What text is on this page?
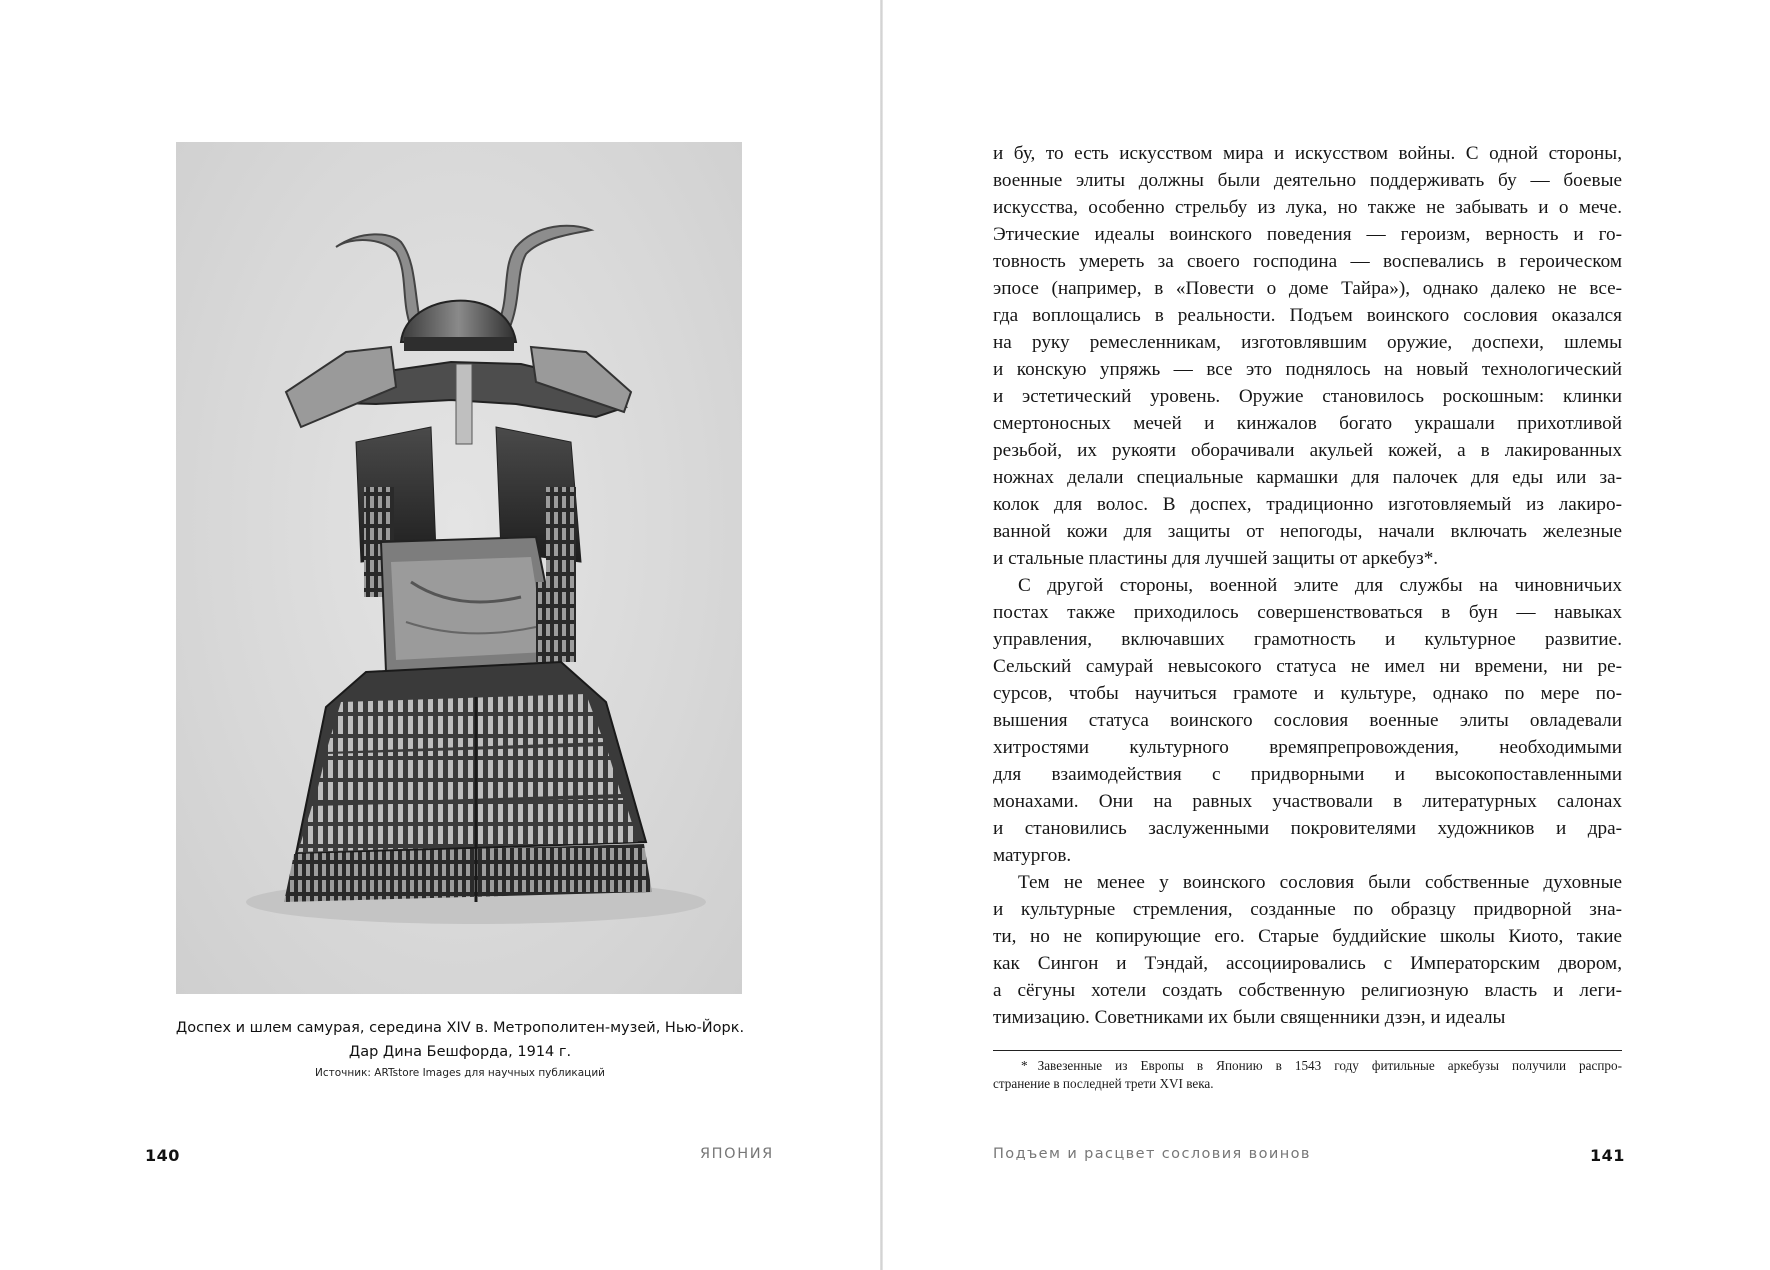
Доспех и шлем самурая, середина XIV в. Метрополитен-музей, Нью-Йорк.
Дар Дина Бешфорда, 1914 г.
Источник: ARTstore Images для научных публикаций
140	ЯПОНИЯ

и бу, то есть искусством мира и искусством войны. С одной стороны,
военные элиты должны были деятельно поддерживать бу — боевые
искусства, особенно стрельбу из лука, но также не забывать и о мече.
Этические идеалы воинского поведения — героизм, верность и го-
товность умереть за своего господина — воспевались в героическом
эпосе (например, в «Повести о доме Тайра»), однако далеко не все-
гда воплощались в реальности. Подъем воинского сословия оказался
на руку ремесленникам, изготовлявшим оружие, доспехи, шлемы
и конскую упряжь — все это поднялось на новый технологический
и эстетический уровень. Оружие становилось роскошным: клинки
смертоносных мечей и кинжалов богато украшали прихотливой
резьбой, их рукояти оборачивали акульей кожей, а в лакированных
ножнах делали специальные кармашки для палочек для еды или за-
колок для волос. В доспех, традиционно изготовляемый из лакиро-
ванной кожи для защиты от непогоды, начали включать железные
и стальные пластины для лучшей защиты от аркебуз*.

С другой стороны, военной элите для службы на чиновничьих
постах также приходилось совершенствоваться в бун — навыках
управления, включавших грамотность и культурное развитие.
Сельский самурай невысокого статуса не имел ни времени, ни ре-
сурсов, чтобы научиться грамоте и культуре, однако по мере по-
вышения статуса воинского сословия военные элиты овладевали
хитростями культурного времяпрепровождения, необходимыми
для взаимодействия с придворными и высокопоставленными
монахами. Они на равных участвовали в литературных салонах
и становились заслуженными покровителями художников и дра-
матургов.

Тем не менее у воинского сословия были собственные духовные
и культурные стремления, созданные по образцу придворной зна-
ти, но не копирующие его. Старые буддийские школы Киото, такие
как Сингон и Тэндай, ассоциировались с Императорским двором,
а сёгуны хотели создать собственную религиозную власть и леги-
тимизацию. Советниками их были священники дзэн, и идеалы

* Завезенные из Европы в Японию в 1543 году фитильные аркебузы получили распро-
странение в последней трети XVI века.
Подъем и расцвет сословия воинов	141
